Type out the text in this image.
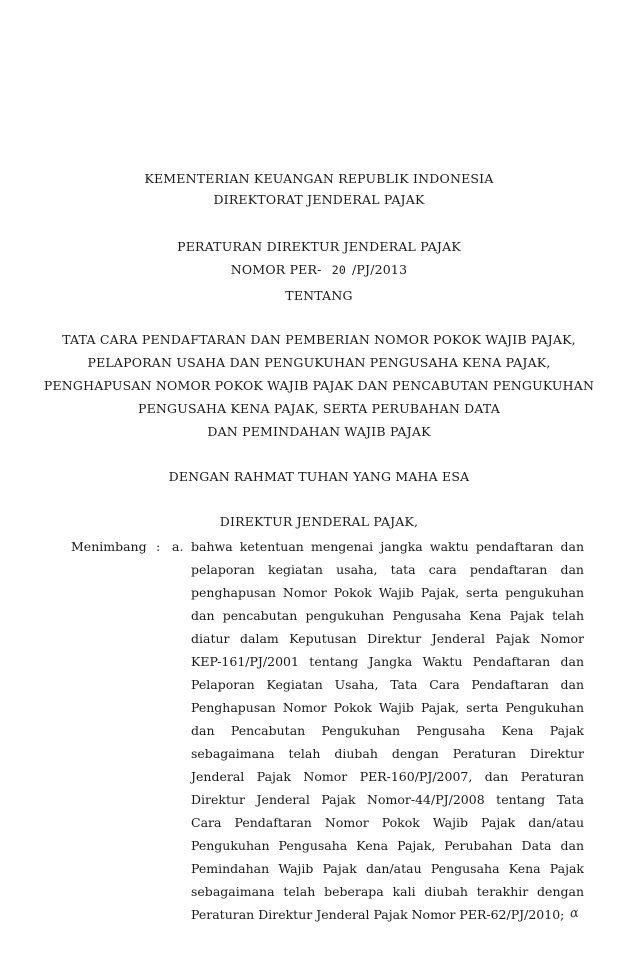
KEMENTERIAN KEUANGAN REPUBLIK INDONESIA
DIREKTORAT JENDERAL PAJAK
PERATURAN DIREKTUR JENDERAL PAJAK
NOMOR PER- 20 /PJ/2013
TENTANG
TATA CARA PENDAFTARAN DAN PEMBERIAN NOMOR POKOK WAJIB PAJAK,
PELAPORAN USAHA DAN PENGUKUHAN PENGUSAHA KENA PAJAK,
PENGHAPUSAN NOMOR POKOK WAJIB PAJAK DAN PENCABUTAN PENGUKUHAN
PENGUSAHA KENA PAJAK, SERTA PERUBAHAN DATA
DAN PEMINDAHAN WAJIB PAJAK
DENGAN RAHMAT TUHAN YANG MAHA ESA
DIREKTUR JENDERAL PAJAK,
Menimbang : a. bahwa ketentuan mengenai jangka waktu pendaftaran dan
pelaporan kegiatan usaha, tata cara pendaftaran dan
penghapusan Nomor Pokok Wajib Pajak, serta pengukuhan
dan pencabutan pengukuhan Pengusaha Kena Pajak telah
diatur dalam Keputusan Direktur Jenderal Pajak Nomor
KEP-161/PJ/2001 tentang Jangka Waktu Pendaftaran dan
Pelaporan Kegiatan Usaha, Tata Cara Pendaftaran dan
Penghapusan Nomor Pokok Wajib Pajak, serta Pengukuhan
dan Pencabutan Pengukuhan Pengusaha Kena Pajak
sebagaimana telah diubah dengan Peraturan Direktur
Jenderal Pajak Nomor PER-160/PJ/2007, dan Peraturan
Direktur Jenderal Pajak Nomor-44/PJ/2008 tentang Tata
Cara Pendaftaran Nomor Pokok Wajib Pajak dan/atau
Pengukuhan Pengusaha Kena Pajak, Perubahan Data dan
Pemindahan Wajib Pajak dan/atau Pengusaha Kena Pajak
sebagaimana telah beberapa kali diubah terakhir dengan
Peraturan Direktur Jenderal Pajak Nomor PER-62/PJ/2010; ɑ
